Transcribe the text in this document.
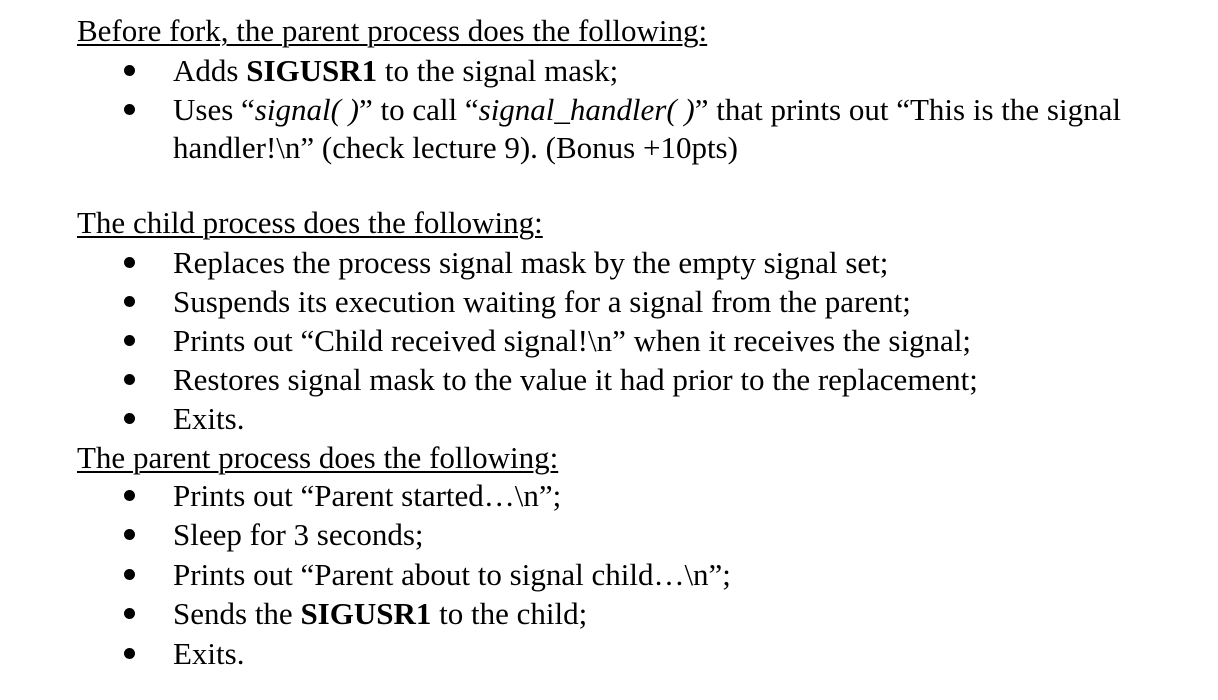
Before fork, the parent process does the following:
Adds SIGUSR1 to the signal mask;
Uses “signal( )” to call “signal_handler( )” that prints out “This is the signal
handler!\n” (check lecture 9). (Bonus +10pts)
The child process does the following:
Replaces the process signal mask by the empty signal set;
Suspends its execution waiting for a signal from the parent;
Prints out “Child received signal!\n” when it receives the signal;
Restores signal mask to the value it had prior to the replacement;
Exits.
The parent process does the following:
Prints out “Parent started…\n”;
Sleep for 3 seconds;
Prints out “Parent about to signal child…\n”;
Sends the SIGUSR1 to the child;
Exits.
